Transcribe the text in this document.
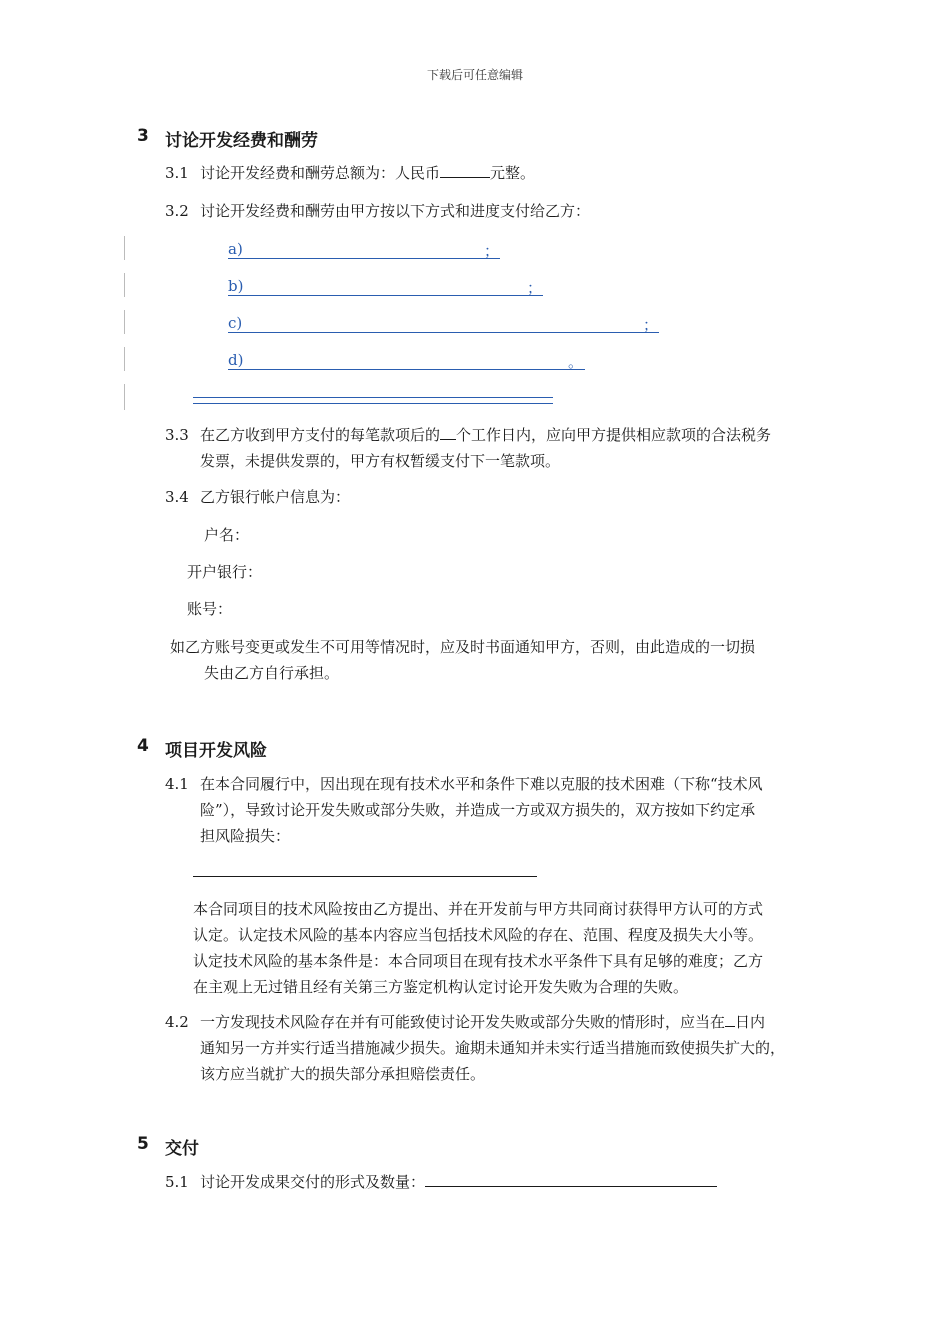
下载后可任意编辑
3 讨论开发经费和酬劳
3.1 讨论开发经费和酬劳总额为：人民币	元整。
3.2 讨论开发经费和酬劳由甲方按以下方式和进度支付给乙方：
a)	；
b)	；
c)	；
d)	。
3.3 在乙方收到甲方支付的每笔款项后的 个工作日内，应向甲方提供相应款项的合法税务
发票，未提供发票的，甲方有权暂缓支付下一笔款项。
3.4 乙方银行帐户信息为：
户名：
开户银行：
账号：
如乙方账号变更或发生不可用等情况时，应及时书面通知甲方，否则，由此造成的一切损
失由乙方自行承担。
4 项目开发风险
4.1 在本合同履行中，因出现在现有技术水平和条件下难以克服的技术困难（下称“技术风
险”），导致讨论开发失败或部分失败，并造成一方或双方损失的，双方按如下约定承
担风险损失：
本合同项目的技术风险按由乙方提出、并在开发前与甲方共同商讨获得甲方认可的方式
认定。认定技术风险的基本内容应当包括技术风险的存在、范围、程度及损失大小等。
认定技术风险的基本条件是：本合同项目在现有技术水平条件下具有足够的难度；乙方
在主观上无过错且经有关第三方鉴定机构认定讨论开发失败为合理的失败。
4.2 一方发现技术风险存在并有可能致使讨论开发失败或部分失败的情形时，应当在 日内
通知另一方并实行适当措施减少损失。逾期未通知并未实行适当措施而致使损失扩大的，
该方应当就扩大的损失部分承担赔偿责任。
5 交付
5.1 讨论开发成果交付的形式及数量：
